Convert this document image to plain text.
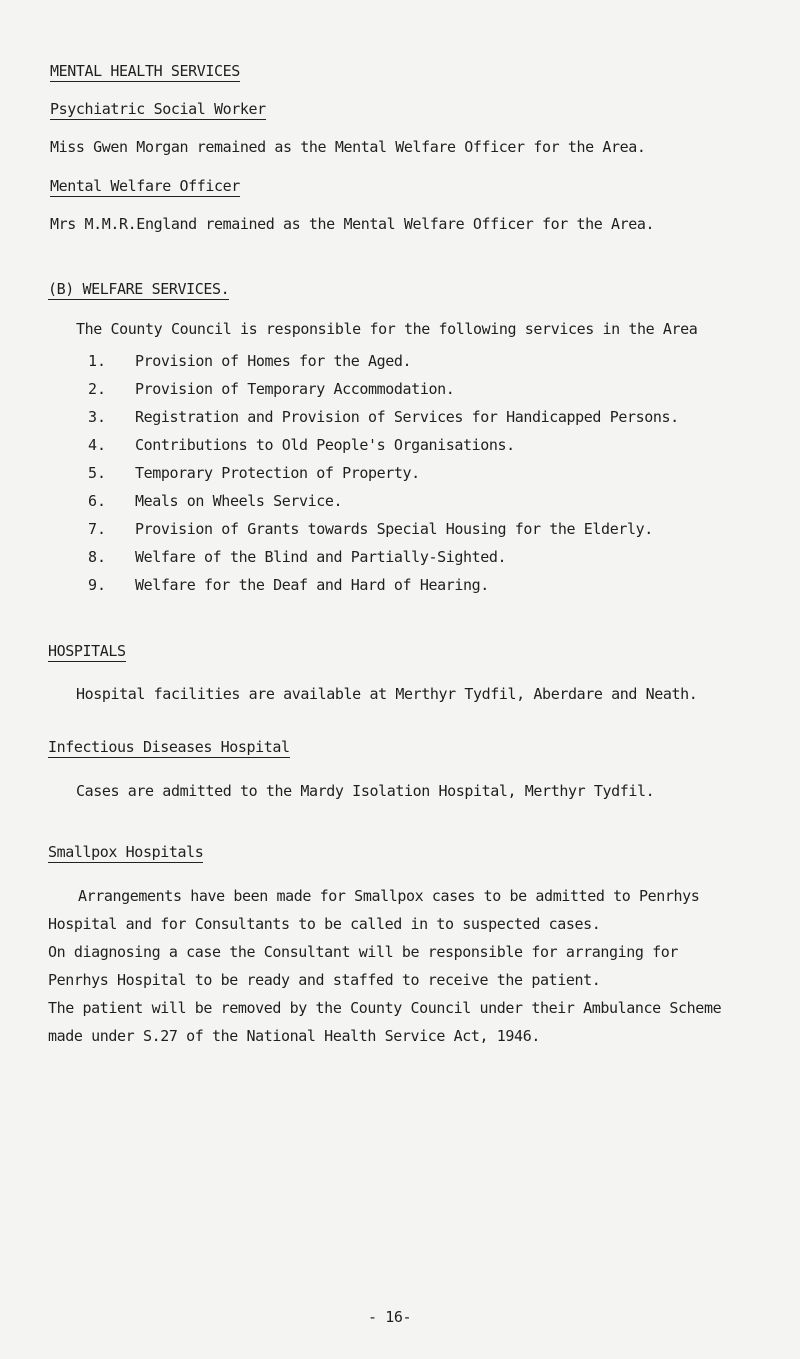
MENTAL HEALTH SERVICES
Psychiatric Social Worker
Miss Gwen Morgan remained as the Mental Welfare Officer for the Area.
Mental Welfare Officer
Mrs M.M.R.England remained as the Mental Welfare Officer for the Area.
(B) WELFARE SERVICES.
The County Council is responsible for the following services in the Area
1. Provision of Homes for the Aged.
2. Provision of Temporary Accommodation.
3. Registration and Provision of Services for Handicapped Persons.
4. Contributions to Old People's Organisations.
5. Temporary Protection of Property.
6. Meals on Wheels Service.
7. Provision of Grants towards Special Housing for the Elderly.
8. Welfare of the Blind and Partially-Sighted.
9. Welfare for the Deaf and Hard of Hearing.
HOSPITALS
Hospital facilities are available at Merthyr Tydfil, Aberdare and Neath.
Infectious Diseases Hospital
Cases are admitted to the Mardy Isolation Hospital, Merthyr Tydfil.
Smallpox Hospitals
Arrangements have been made for Smallpox cases to be admitted to Penrhys
Hospital and for Consultants to be called in to suspected cases.
On diagnosing a case the Consultant will be responsible for arranging for
Penrhys Hospital to be ready and staffed to receive the patient.
The patient will be removed by the County Council under their Ambulance Scheme
made under S.27 of the National Health Service Act, 1946.
- 16-
